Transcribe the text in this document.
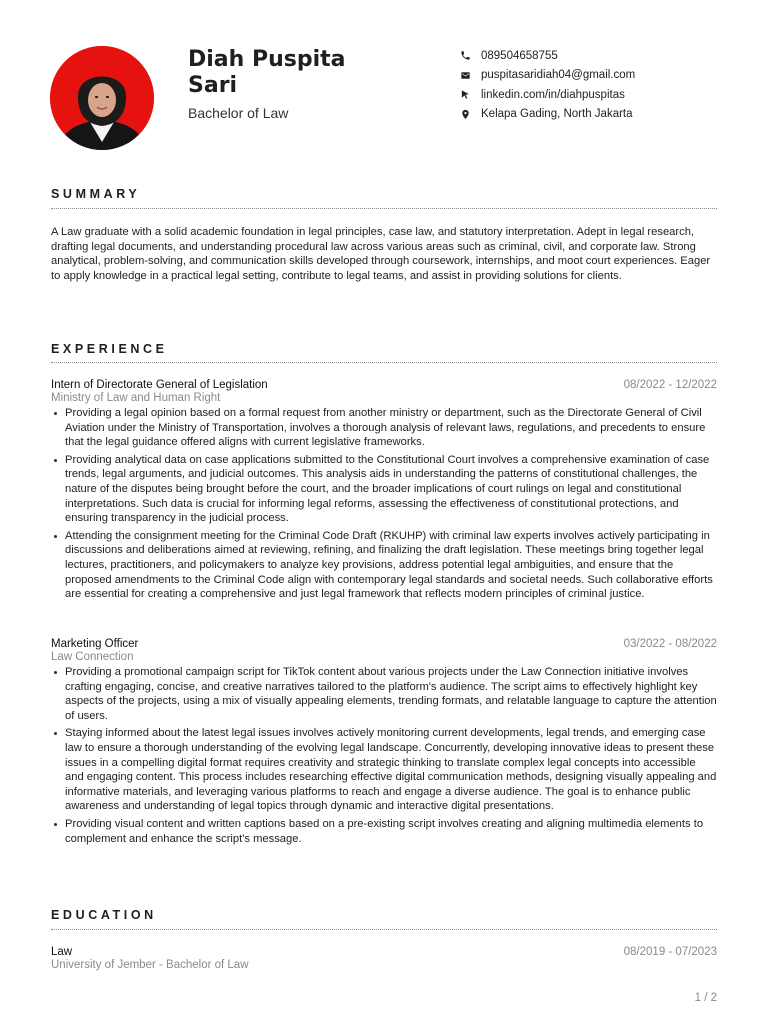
Diah Puspita Sari
Bachelor of Law
089504658755
puspitasaridiah04@gmail.com
linkedin.com/in/diahpuspitas
Kelapa Gading, North Jakarta
SUMMARY
A Law graduate with a solid academic foundation in legal principles, case law, and statutory interpretation. Adept in legal research, drafting legal documents, and understanding procedural law across various areas such as criminal, civil, and corporate law. Strong analytical, problem-solving, and communication skills developed through coursework, internships, and moot court experiences. Eager to apply knowledge in a practical legal setting, contribute to legal teams, and assist in providing solutions for clients.
EXPERIENCE
Intern of Directorate General of Legislation	08/2022 - 12/2022
Ministry of Law and Human Right
Providing a legal opinion based on a formal request from another ministry or department, such as the Directorate General of Civil Aviation under the Ministry of Transportation, involves a thorough analysis of relevant laws, regulations, and precedents to ensure that the legal guidance offered aligns with current legislative frameworks.
Providing analytical data on case applications submitted to the Constitutional Court involves a comprehensive examination of case trends, legal arguments, and judicial outcomes. This analysis aids in understanding the patterns of constitutional challenges, the nature of the disputes being brought before the court, and the broader implications of court rulings on legal and constitutional interpretations. Such data is crucial for informing legal reforms, assessing the effectiveness of constitutional protections, and ensuring transparency in the judicial process.
Attending the consignment meeting for the Criminal Code Draft (RKUHP) with criminal law experts involves actively participating in discussions and deliberations aimed at reviewing, refining, and finalizing the draft legislation. These meetings bring together legal lectures, practitioners, and policymakers to analyze key provisions, address potential legal ambiguities, and ensure that the proposed amendments to the Criminal Code align with contemporary legal standards and societal needs. Such collaborative efforts are essential for creating a comprehensive and just legal framework that reflects modern principles of criminal justice.
Marketing Officer	03/2022 - 08/2022
Law Connection
Providing a promotional campaign script for TikTok content about various projects under the Law Connection initiative involves crafting engaging, concise, and creative narratives tailored to the platform's audience. The script aims to effectively highlight key aspects of the projects, using a mix of visually appealing elements, trending formats, and relatable language to capture the attention of users.
Staying informed about the latest legal issues involves actively monitoring current developments, legal trends, and emerging case law to ensure a thorough understanding of the evolving legal landscape. Concurrently, developing innovative ideas to present these issues in a compelling digital format requires creativity and strategic thinking to translate complex legal concepts into accessible and engaging content. This process includes researching effective digital communication methods, designing visually appealing and informative materials, and leveraging various platforms to reach and engage a diverse audience. The goal is to enhance public awareness and understanding of legal topics through dynamic and interactive digital presentations.
Providing visual content and written captions based on a pre-existing script involves creating and aligning multimedia elements to complement and enhance the script's message.
EDUCATION
Law	08/2019 - 07/2023
University of Jember - Bachelor of Law
1 / 2
